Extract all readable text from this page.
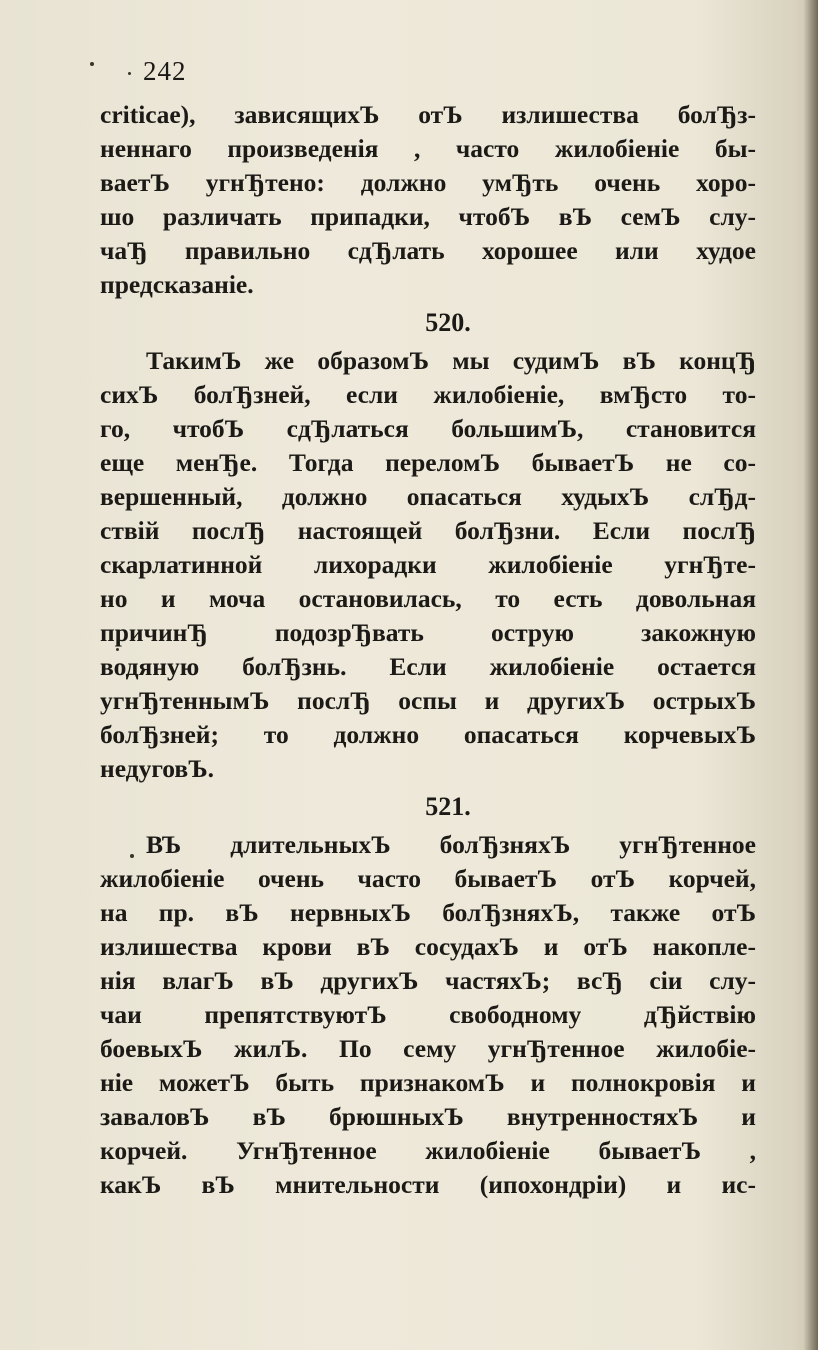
242
criticae), зависящихЪ отЪ излишества болЂз-
неннаго произведенія , часто жилобіеніе бы-
ваетЪ угнЂтено: должно умЂть очень хоро-
шо различать припадки, чтобЪ вЪ семЪ слу-
чаЂ правильно сдЂлать хорошее или худое
предсказаніе.
520.
ТакимЪ же образомЪ мы судимЪ вЪ концЂ
сихЪ болЂзней, если жилобіеніе, вмЂсто то-
го, чтобЪ сдЂлаться большимЪ, становится
еще менЂе. Тогда переломЪ бываетЪ не со-
вершенный, должно опасаться худыхЪ слЂд-
ствій послЂ настоящей болЂзни. Если послЂ
скарлатинной лихорадки жилобіеніе угнЂте-
но и моча остановилась, то есть довольная
причинЂ подозрЂвать острую закожную
водяную болЂзнь. Если жилобіеніе остается
угнЂтеннымЪ послЂ оспы и другихЪ острыхЪ
болЂзней; то должно опасаться корчевыхЪ
недуговЪ.
521.
ВЪ длительныхЪ болЂзняхЪ угнЂтенное
жилобіеніе очень часто бываетЪ отЪ корчей,
на пр. вЪ нервныхЪ болЂзняхЪ, также отЪ
излишества крови вЪ сосудахЪ и отЪ накопле-
нія влагЪ вЪ другихЪ частяхЪ; всЂ сіи слу-
чаи препятствуютЪ свободному дЂйствію
боевыхЪ жилЪ. По сему угнЂтенное жилобіе-
ніе можетЪ быть признакомЪ и полнокровія и
заваловЪ вЪ брюшныхЪ внутренностяхЪ и
корчей. УгнЂтенное жилобіеніе бываетЪ ,
какЪ вЪ мнительности (ипохондріи) и ис-
